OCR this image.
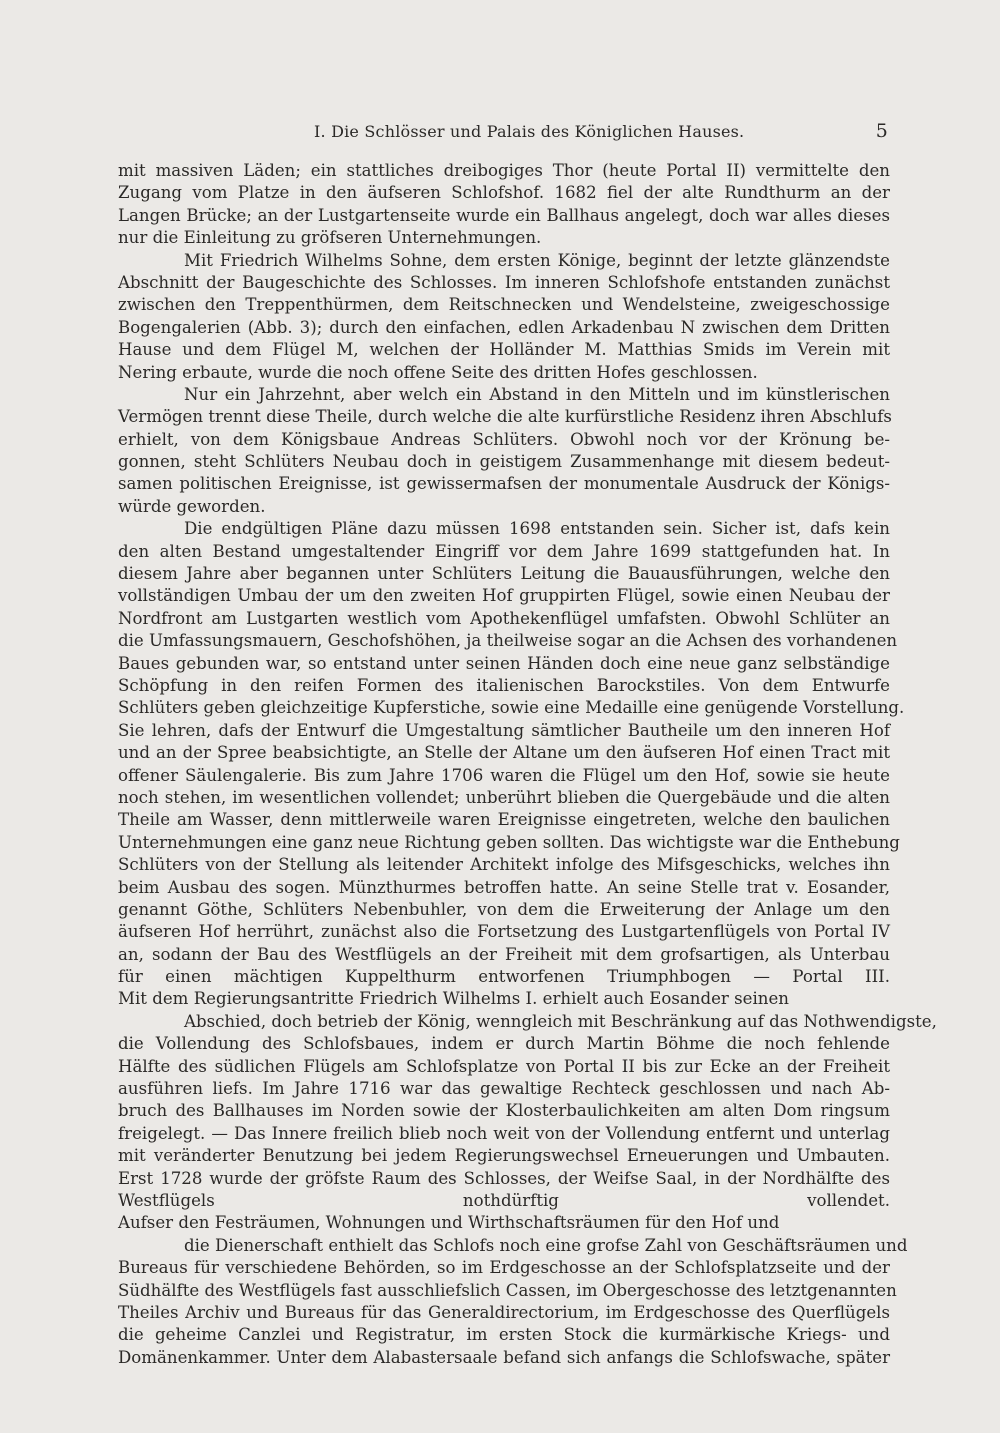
I. Die Schlösser und Palais des Königlichen Hauses.	5
mit massiven Läden; ein stattliches dreibogiges Thor (heute Portal II) vermittelte den
Zugang vom Platze in den äufseren Schlofshof. 1682 fiel der alte Rundthurm an der
Langen Brücke; an der Lustgartenseite wurde ein Ballhaus angelegt, doch war alles dieses
nur die Einleitung zu gröfseren Unternehmungen.
Mit Friedrich Wilhelms Sohne, dem ersten Könige, beginnt der letzte glänzendste
Abschnitt der Baugeschichte des Schlosses. Im inneren Schlofshofe entstanden zunächst
zwischen den Treppenthürmen, dem Reitschnecken und Wendelsteine, zweigeschossige
Bogengalerien (Abb. 3); durch den einfachen, edlen Arkadenbau N zwischen dem Dritten
Hause und dem Flügel M, welchen der Holländer M. Matthias Smids im Verein mit
Nering erbaute, wurde die noch offene Seite des dritten Hofes geschlossen.
Nur ein Jahrzehnt, aber welch ein Abstand in den Mitteln und im künstlerischen
Vermögen trennt diese Theile, durch welche die alte kurfürstliche Residenz ihren Abschlufs
erhielt, von dem Königsbaue Andreas Schlüters. Obwohl noch vor der Krönung be-
gonnen, steht Schlüters Neubau doch in geistigem Zusammenhange mit diesem bedeut-
samen politischen Ereignisse, ist gewissermafsen der monumentale Ausdruck der Königs-
würde geworden.
Die endgültigen Pläne dazu müssen 1698 entstanden sein. Sicher ist, dafs kein
den alten Bestand umgestaltender Eingriff vor dem Jahre 1699 stattgefunden hat. In
diesem Jahre aber begannen unter Schlüters Leitung die Bauausführungen, welche den
vollständigen Umbau der um den zweiten Hof gruppirten Flügel, sowie einen Neubau der
Nordfront am Lustgarten westlich vom Apothekenflügel umfafsten. Obwohl Schlüter an
die Umfassungsmauern, Geschofshöhen, ja theilweise sogar an die Achsen des vorhandenen
Baues gebunden war, so entstand unter seinen Händen doch eine neue ganz selbständige
Schöpfung in den reifen Formen des italienischen Barockstiles. Von dem Entwurfe
Schlüters geben gleichzeitige Kupferstiche, sowie eine Medaille eine genügende Vorstellung.
Sie lehren, dafs der Entwurf die Umgestaltung sämtlicher Bautheile um den inneren Hof
und an der Spree beabsichtigte, an Stelle der Altane um den äufseren Hof einen Tract mit
offener Säulengalerie. Bis zum Jahre 1706 waren die Flügel um den Hof, sowie sie heute
noch stehen, im wesentlichen vollendet; unberührt blieben die Quergebäude und die alten
Theile am Wasser, denn mittlerweile waren Ereignisse eingetreten, welche den baulichen
Unternehmungen eine ganz neue Richtung geben sollten. Das wichtigste war die Enthebung
Schlüters von der Stellung als leitender Architekt infolge des Mifsgeschicks, welches ihn
beim Ausbau des sogen. Münzthurmes betroffen hatte. An seine Stelle trat v. Eosander,
genannt Göthe, Schlüters Nebenbuhler, von dem die Erweiterung der Anlage um den
äufseren Hof herrührt, zunächst also die Fortsetzung des Lustgartenflügels von Portal IV
an, sodann der Bau des Westflügels an der Freiheit mit dem grofsartigen, als Unterbau
für einen mächtigen Kuppelthurm entworfenen Triumphbogen — Portal III.
Mit dem Regierungsantritte Friedrich Wilhelms I. erhielt auch Eosander seinen
Abschied, doch betrieb der König, wenngleich mit Beschränkung auf das Nothwendigste,
die Vollendung des Schlofsbaues, indem er durch Martin Böhme die noch fehlende
Hälfte des südlichen Flügels am Schlofsplatze von Portal II bis zur Ecke an der Freiheit
ausführen liefs. Im Jahre 1716 war das gewaltige Rechteck geschlossen und nach Ab-
bruch des Ballhauses im Norden sowie der Klosterbaulichkeiten am alten Dom ringsum
freigelegt. — Das Innere freilich blieb noch weit von der Vollendung entfernt und unterlag
mit veränderter Benutzung bei jedem Regierungswechsel Erneuerungen und Umbauten.
Erst 1728 wurde der gröfste Raum des Schlosses, der Weifse Saal, in der Nordhälfte des
Westflügels nothdürftig vollendet.
Aufser den Festräumen, Wohnungen und Wirthschaftsräumen für den Hof und
die Dienerschaft enthielt das Schlofs noch eine grofse Zahl von Geschäftsräumen und
Bureaus für verschiedene Behörden, so im Erdgeschosse an der Schlofsplatzseite und der
Südhälfte des Westflügels fast ausschliefslich Cassen, im Obergeschosse des letztgenannten
Theiles Archiv und Bureaus für das Generaldirectorium, im Erdgeschosse des Querflügels
die geheime Canzlei und Registratur, im ersten Stock die kurmärkische Kriegs- und
Domänenkammer. Unter dem Alabastersaale befand sich anfangs die Schlofswache, später
